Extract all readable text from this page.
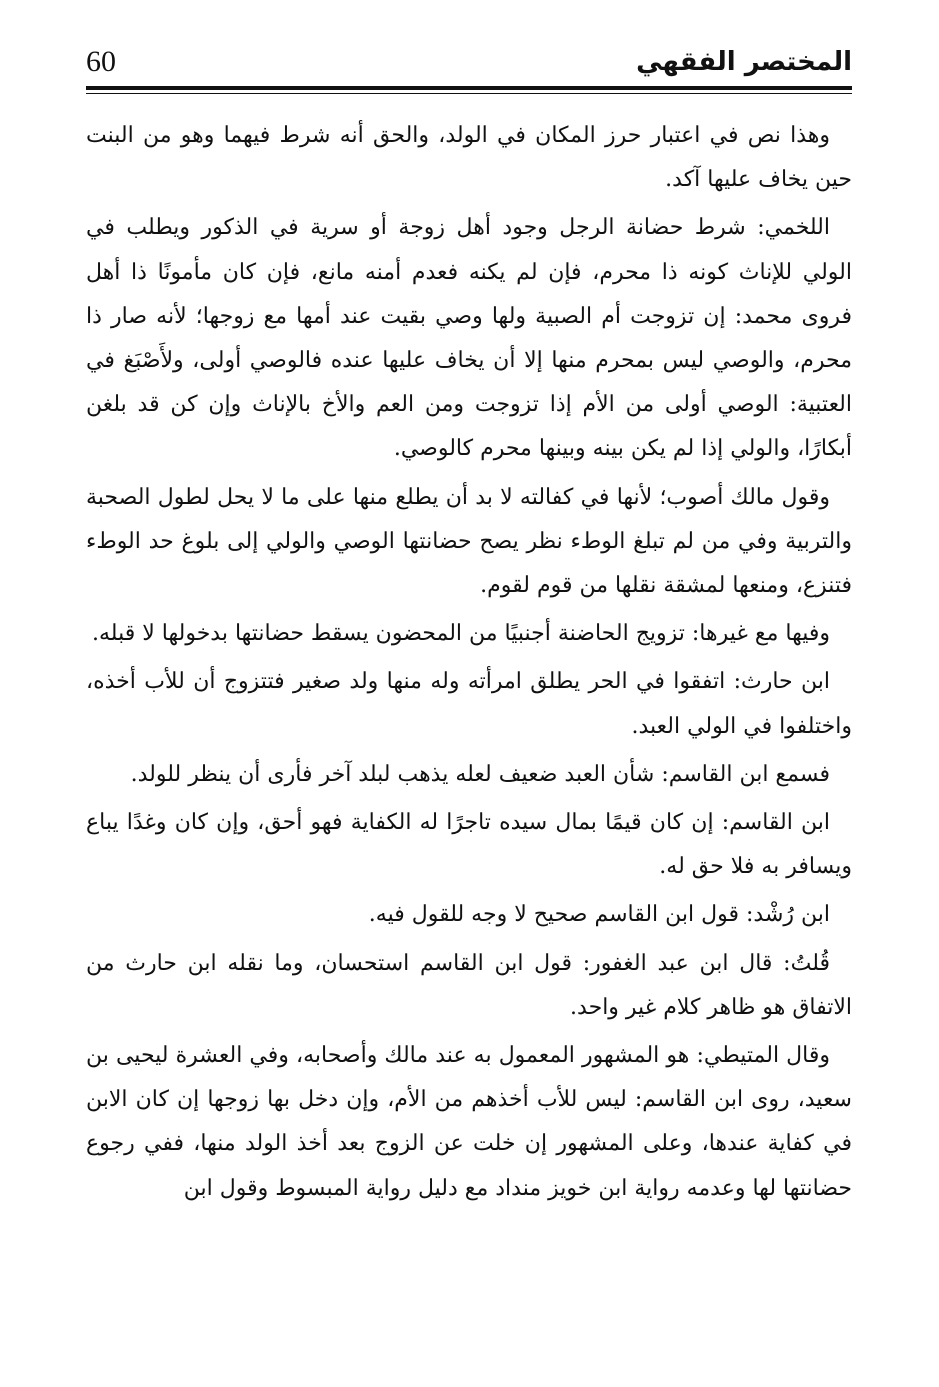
60	المختصر الفقهي

وهذا نص في اعتبار حرز المكان في الولد، والحق أنه شرط فيهما وهو من البنت حين يخاف عليها آكد.

اللخمي: شرط حضانة الرجل وجود أهل زوجة أو سرية في الذكور ويطلب في الولي للإناث كونه ذا محرم، فإن لم يكنه فعدم أمنه مانع، فإن كان مأمونًا ذا أهل فروى محمد: إن تزوجت أم الصبية ولها وصي بقيت عند أمها مع زوجها؛ لأنه صار ذا محرم، والوصي ليس بمحرم منها إلا أن يخاف عليها عنده فالوصي أولى، ولأَصْبَغ في العتبية: الوصي أولى من الأم إذا تزوجت ومن العم والأخ بالإناث وإن كن قد بلغن أبكارًا، والولي إذا لم يكن بينه وبينها محرم كالوصي.

وقول مالك أصوب؛ لأنها في كفالته لا بد أن يطلع منها على ما لا يحل لطول الصحبة والتربية وفي من لم تبلغ الوطء نظر يصح حضانتها الوصي والولي إلى بلوغ حد الوطء فتنزع، ومنعها لمشقة نقلها من قوم لقوم.

وفيها مع غيرها: تزويج الحاضنة أجنبيًا من المحضون يسقط حضانتها بدخولها لا قبله.

ابن حارث: اتفقوا في الحر يطلق امرأته وله منها ولد صغير فتتزوج أن للأب أخذه، واختلفوا في الولي العبد.

فسمع ابن القاسم: شأن العبد ضعيف لعله يذهب لبلد آخر فأرى أن ينظر للولد.

ابن القاسم: إن كان قيمًا بمال سيده تاجرًا له الكفاية فهو أحق، وإن كان وغدًا يباع ويسافر به فلا حق له.

ابن رُشْد: قول ابن القاسم صحيح لا وجه للقول فيه.

قُلتُ: قال ابن عبد الغفور: قول ابن القاسم استحسان، وما نقله ابن حارث من الاتفاق هو ظاهر كلام غير واحد.

وقال المتيطي: هو المشهور المعمول به عند مالك وأصحابه، وفي العشرة ليحيى بن سعيد، روى ابن القاسم: ليس للأب أخذهم من الأم، وإن دخل بها زوجها إن كان الابن في كفاية عندها، وعلى المشهور إن خلت عن الزوج بعد أخذ الولد منها، ففي رجوع حضانتها لها وعدمه رواية ابن خويز منداد مع دليل رواية المبسوط وقول ابن
